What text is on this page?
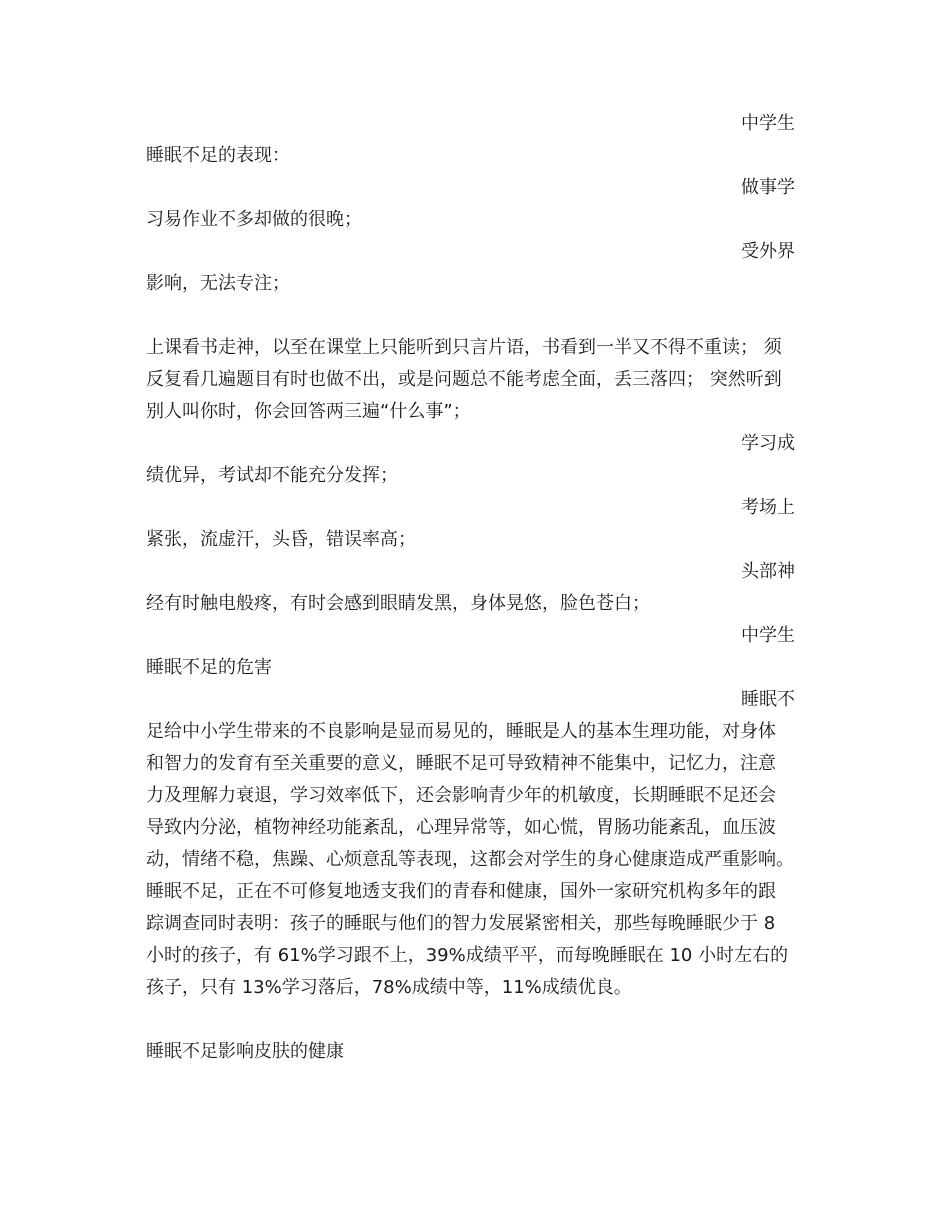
中学生
睡眠不足的表现：
做事学
习易作业不多却做的很晚；
受外界
影响，无法专注；
上课看书走神，以至在课堂上只能听到只言片语，书看到一半又不得不重读； 须
反复看几遍题目有时也做不出，或是问题总不能考虑全面，丢三落四； 突然听到
别人叫你时，你会回答两三遍“什么事”；
学习成
绩优异，考试却不能充分发挥；
考场上
紧张，流虚汗，头昏，错误率高；
头部神
经有时触电般疼，有时会感到眼睛发黑，身体晃悠，脸色苍白；
中学生
睡眠不足的危害
睡眠不
足给中小学生带来的不良影响是显而易见的，睡眠是人的基本生理功能，对身体
和智力的发育有至关重要的意义，睡眠不足可导致精神不能集中，记忆力，注意
力及理解力衰退，学习效率低下，还会影响青少年的机敏度，长期睡眠不足还会
导致内分泌，植物神经功能紊乱，心理异常等，如心慌，胃肠功能紊乱，血压波
动，情绪不稳，焦躁、心烦意乱等表现，这都会对学生的身心健康造成严重影响。
睡眠不足，正在不可修复地透支我们的青春和健康，国外一家研究机构多年的跟
踪调查同时表明：孩子的睡眠与他们的智力发展紧密相关，那些每晚睡眠少于 8
小时的孩子，有 61%学习跟不上，39%成绩平平，而每晚睡眠在 10 小时左右的
孩子，只有 13%学习落后，78%成绩中等，11%成绩优良。
睡眠不足影响皮肤的健康
